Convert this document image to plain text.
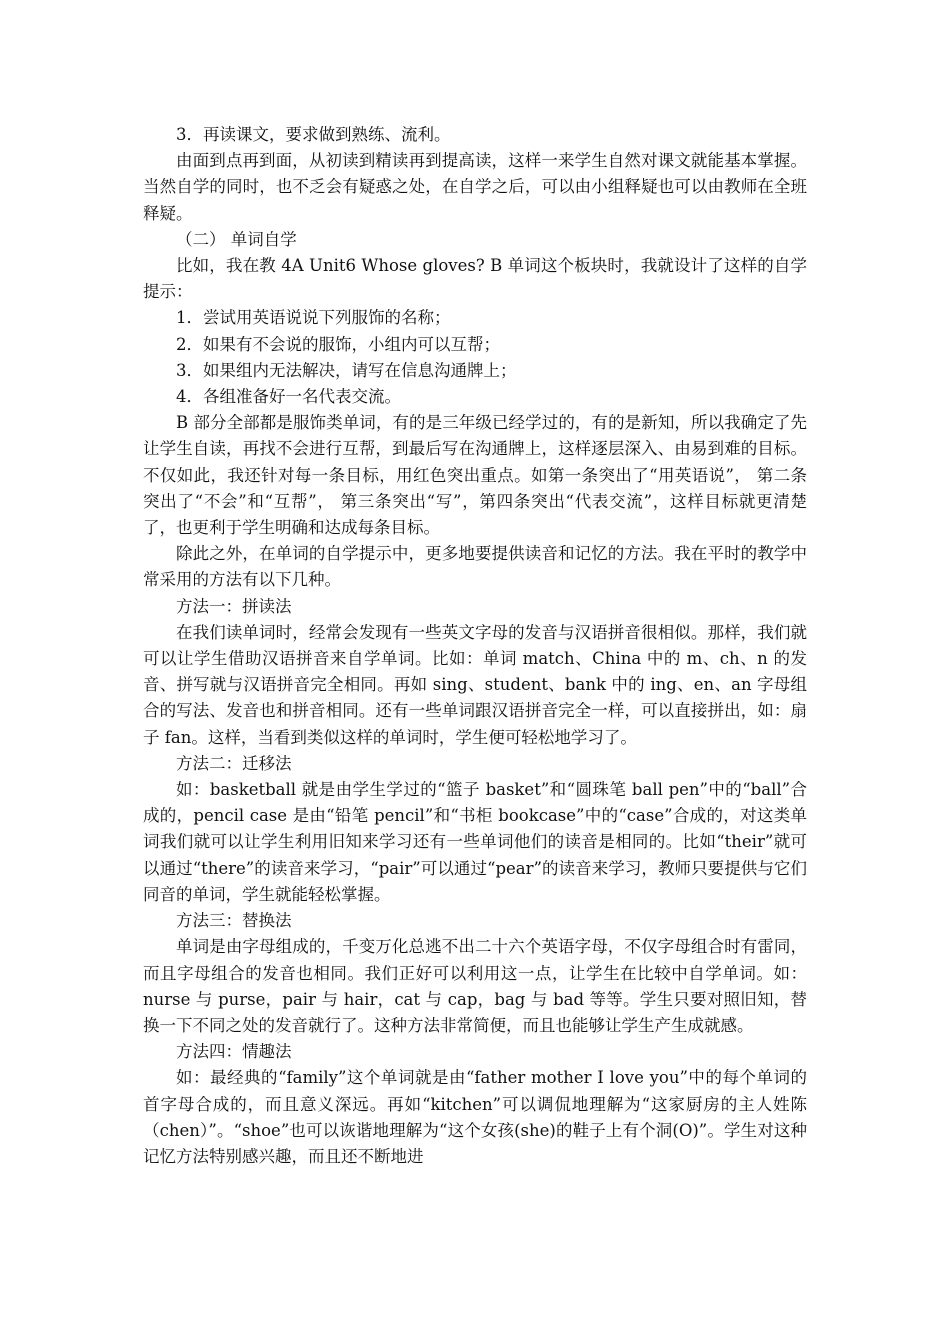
3．再读课文，要求做到熟练、流利。

由面到点再到面，从初读到精读再到提高读，这样一来学生自然对课文就能基本掌握。当然自学的同时，也不乏会有疑惑之处，在自学之后，可以由小组释疑也可以由教师在全班释疑。

（二） 单词自学

比如，我在教 4A Unit6 Whose gloves? B 单词这个板块时，我就设计了这样的自学提示：

1．尝试用英语说说下列服饰的名称；

2．如果有不会说的服饰，小组内可以互帮；

3．如果组内无法解决，请写在信息沟通牌上；

4．各组准备好一名代表交流。

B 部分全部都是服饰类单词，有的是三年级已经学过的，有的是新知，所以我确定了先让学生自读，再找不会进行互帮，到最后写在沟通牌上，这样逐层深入、由易到难的目标。不仅如此，我还针对每一条目标，用红色突出重点。如第一条突出了“用英语说”， 第二条突出了“不会”和“互帮”， 第三条突出“写”，第四条突出“代表交流”，这样目标就更清楚了，也更利于学生明确和达成每条目标。

除此之外，在单词的自学提示中，更多地要提供读音和记忆的方法。我在平时的教学中常采用的方法有以下几种。

方法一：拼读法

在我们读单词时，经常会发现有一些英文字母的发音与汉语拼音很相似。那样，我们就可以让学生借助汉语拼音来自学单词。比如：单词 match、China 中的 m、ch、n 的发音、拼写就与汉语拼音完全相同。再如 sing、student、bank 中的 ing、en、an 字母组合的写法、发音也和拼音相同。还有一些单词跟汉语拼音完全一样，可以直接拼出，如：扇子 fan。这样，当看到类似这样的单词时，学生便可轻松地学习了。

方法二：迁移法

如：basketball 就是由学生学过的“篮子 basket”和“圆珠笔 ball pen”中的“ball”合成的，pencil case 是由“铅笔 pencil”和“书柜 bookcase”中的“case”合成的，对这类单词我们就可以让学生利用旧知来学习还有一些单词他们的读音是相同的。比如“their”就可以通过“there”的读音来学习，“pair”可以通过“pear”的读音来学习，教师只要提供与它们同音的单词，学生就能轻松掌握。

方法三：替换法

单词是由字母组成的，千变万化总逃不出二十六个英语字母，不仅字母组合时有雷同，而且字母组合的发音也相同。我们正好可以利用这一点，让学生在比较中自学单词。如：nurse 与 purse，pair 与 hair，cat 与 cap，bag 与 bad 等等。学生只要对照旧知，替换一下不同之处的发音就行了。这种方法非常简便，而且也能够让学生产生成就感。

方法四：情趣法

如：最经典的“family”这个单词就是由“father mother I love you”中的每个单词的首字母合成的，而且意义深远。再如“kitchen”可以调侃地理解为“这家厨房的主人姓陈（chen）”。“shoe”也可以诙谐地理解为“这个女孩(she)的鞋子上有个洞(O)”。学生对这种记忆方法特别感兴趣，而且还不断地进
